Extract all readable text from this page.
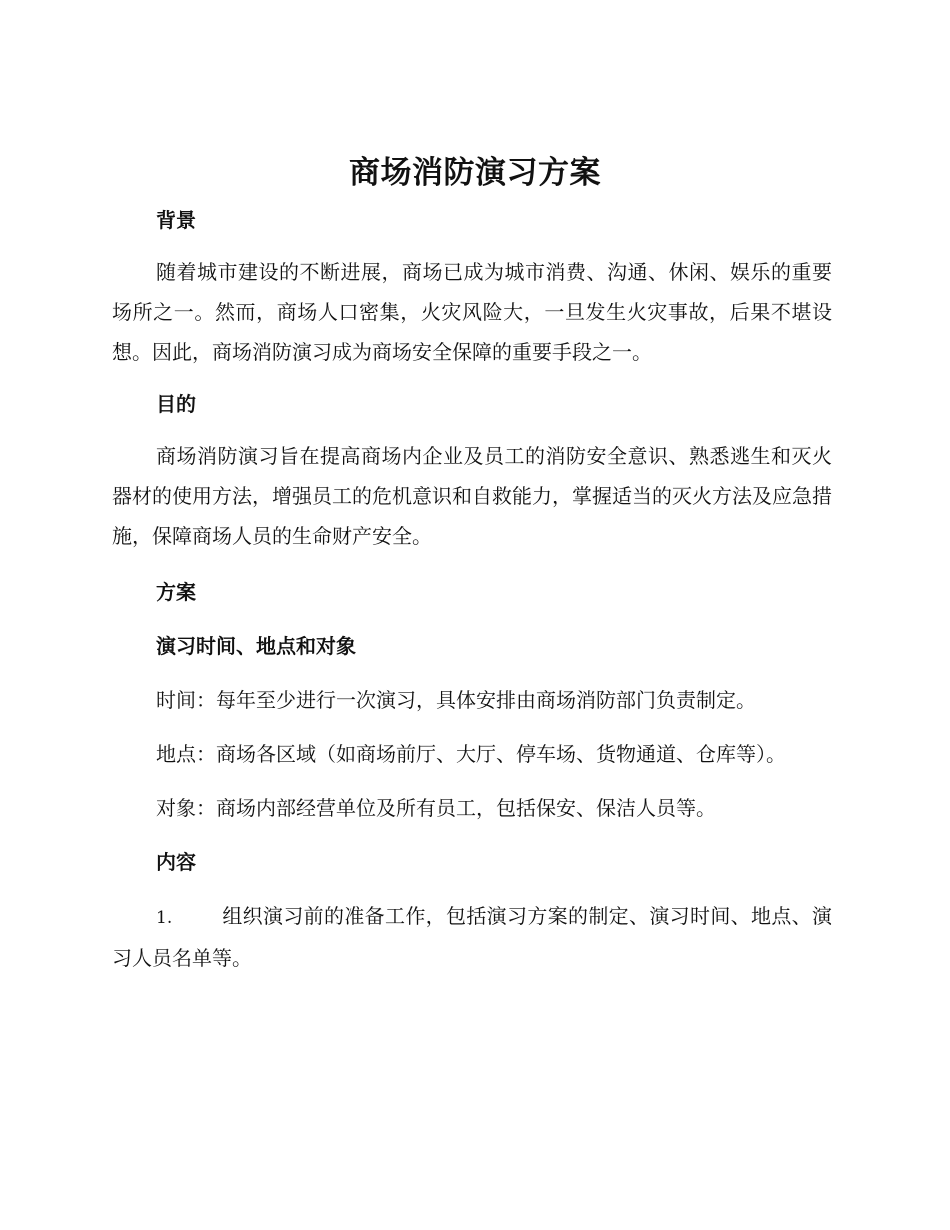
商场消防演习方案

背景

随着城市建设的不断进展，商场已成为城市消费、沟通、休闲、娱乐的重要场所之一。然而，商场人口密集，火灾风险大，一旦发生火灾事故，后果不堪设想。因此，商场消防演习成为商场安全保障的重要手段之一。

目的

商场消防演习旨在提高商场内企业及员工的消防安全意识、熟悉逃生和灭火器材的使用方法，增强员工的危机意识和自救能力，掌握适当的灭火方法及应急措施，保障商场人员的生命财产安全。

方案

演习时间、地点和对象

时间：每年至少进行一次演习，具体安排由商场消防部门负责制定。

地点：商场各区域（如商场前厅、大厅、停车场、货物通道、仓库等）。

对象：商场内部经营单位及所有员工，包括保安、保洁人员等。

内容

1. 组织演习前的准备工作，包括演习方案的制定、演习时间、地点、演习人员名单等。
